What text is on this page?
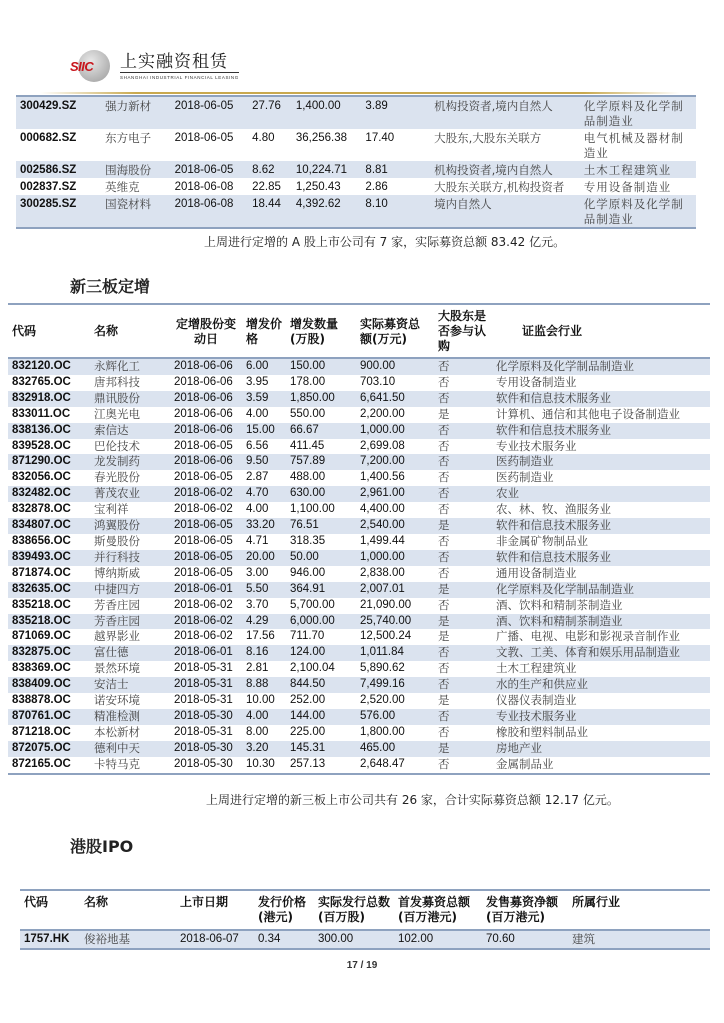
SIIC 上实融资租赁
SHANGHAI INDUSTRIAL FINANCIAL LEASING
300429.SZ	强力新材	2018-06-05	27.76	1,400.00	3.89	机构投资者,境内自然人	化学原料及化学制品制造业
000682.SZ	东方电子	2018-06-05	4.80	36,256.38	17.40	大股东,大股东关联方	电气机械及器材制造业
002586.SZ	围海股份	2018-06-05	8.62	10,224.71	8.81	机构投资者,境内自然人	土木工程建筑业
002837.SZ	英维克	2018-06-08	22.85	1,250.43	2.86	大股东关联方,机构投资者	专用设备制造业
300285.SZ	国瓷材料	2018-06-08	18.44	4,392.62	8.10	境内自然人	化学原料及化学制品制造业
上周进行定增的 A 股上市公司有 7 家，实际募资总额 83.42 亿元。
新三板定增
代码	名称	定增股份变动日	增发价格	增发数量(万股)	实际募资总额(万元)	大股东是否参与认购	证监会行业
832120.OC	永辉化工	2018-06-06	6.00	150.00	900.00	否	化学原料及化学制品制造业
832765.OC	唐邦科技	2018-06-06	3.95	178.00	703.10	否	专用设备制造业
832918.OC	鼎讯股份	2018-06-06	3.59	1,850.00	6,641.50	否	软件和信息技术服务业
833011.OC	江奥光电	2018-06-06	4.00	550.00	2,200.00	是	计算机、通信和其他电子设备制造业
838136.OC	索信达	2018-06-06	15.00	66.67	1,000.00	否	软件和信息技术服务业
839528.OC	巴伦技术	2018-06-05	6.56	411.45	2,699.08	否	专业技术服务业
871290.OC	龙发制药	2018-06-06	9.50	757.89	7,200.00	否	医药制造业
832056.OC	春光股份	2018-06-05	2.87	488.00	1,400.56	否	医药制造业
832482.OC	菁茂农业	2018-06-02	4.70	630.00	2,961.00	否	农业
832878.OC	宝利祥	2018-06-02	4.00	1,100.00	4,400.00	否	农、林、牧、渔服务业
834807.OC	鸿翼股份	2018-06-05	33.20	76.51	2,540.00	是	软件和信息技术服务业
838656.OC	斯曼股份	2018-06-05	4.71	318.35	1,499.44	否	非金属矿物制品业
839493.OC	并行科技	2018-06-05	20.00	50.00	1,000.00	否	软件和信息技术服务业
871874.OC	博纳斯威	2018-06-05	3.00	946.00	2,838.00	否	通用设备制造业
832635.OC	中捷四方	2018-06-01	5.50	364.91	2,007.01	是	化学原料及化学制品制造业
835218.OC	芳香庄园	2018-06-02	3.70	5,700.00	21,090.00	否	酒、饮料和精制茶制造业
835218.OC	芳香庄园	2018-06-02	4.29	6,000.00	25,740.00	是	酒、饮料和精制茶制造业
871069.OC	越界影业	2018-06-02	17.56	711.70	12,500.24	是	广播、电视、电影和影视录音制作业
832875.OC	富仕德	2018-06-01	8.16	124.00	1,011.84	否	文教、工美、体育和娱乐用品制造业
838369.OC	景然环境	2018-05-31	2.81	2,100.04	5,890.62	否	土木工程建筑业
838409.OC	安洁士	2018-05-31	8.88	844.50	7,499.16	否	水的生产和供应业
838878.OC	诺安环境	2018-05-31	10.00	252.00	2,520.00	是	仪器仪表制造业
870761.OC	精准检测	2018-05-30	4.00	144.00	576.00	否	专业技术服务业
871218.OC	本松新材	2018-05-31	8.00	225.00	1,800.00	否	橡胶和塑料制品业
872075.OC	德利中天	2018-05-30	3.20	145.31	465.00	是	房地产业
872165.OC	卡特马克	2018-05-30	10.30	257.13	2,648.47	否	金属制品业
上周进行定增的新三板上市公司共有 26 家，合计实际募资总额 12.17 亿元。
港股IPO
代码	名称	上市日期	发行价格(港元)	实际发行总数(百万股)	首发募资总额(百万港元)	发售募资净额(百万港元)	所属行业
1757.HK	俊裕地基	2018-06-07	0.34	300.00	102.00	70.60	建筑
17 / 19
